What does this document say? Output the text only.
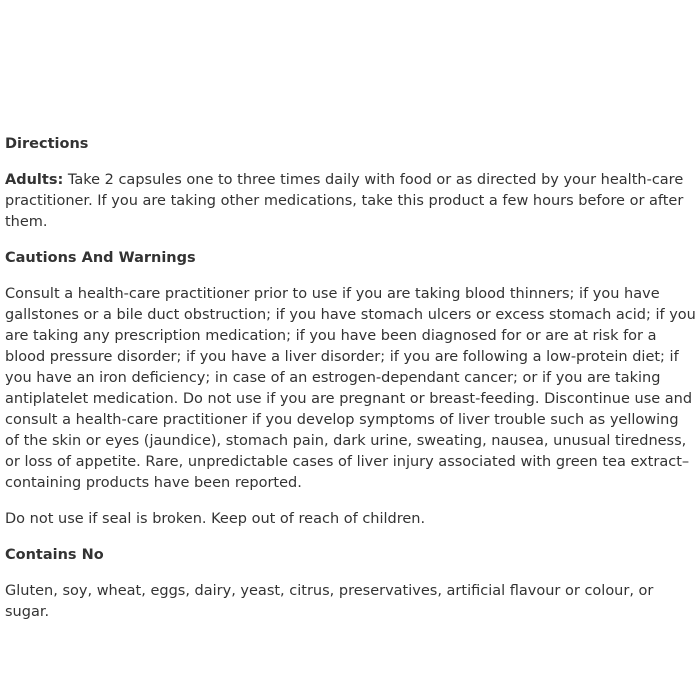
Directions

Adults: Take 2 capsules one to three times daily with food or as directed by your health-care practitioner. If you are taking other medications, take this product a few hours before or after them.

Cautions And Warnings

Consult a health-care practitioner prior to use if you are taking blood thinners; if you have gallstones or a bile duct obstruction; if you have stomach ulcers or excess stomach acid; if you are taking any prescription medication; if you have been diagnosed for or are at risk for a blood pressure disorder; if you have a liver disorder; if you are following a low-protein diet; if you have an iron deficiency; in case of an estrogen-dependant cancer; or if you are taking antiplatelet medication. Do not use if you are pregnant or breast-feeding. Discontinue use and consult a health-care practitioner if you develop symptoms of liver trouble such as yellowing of the skin or eyes (jaundice), stomach pain, dark urine, sweating, nausea, unusual tiredness, or loss of appetite. Rare, unpredictable cases of liver injury associated with green tea extract–containing products have been reported.

Do not use if seal is broken. Keep out of reach of children.

Contains No

Gluten, soy, wheat, eggs, dairy, yeast, citrus, preservatives, artificial flavour or colour, or sugar.
